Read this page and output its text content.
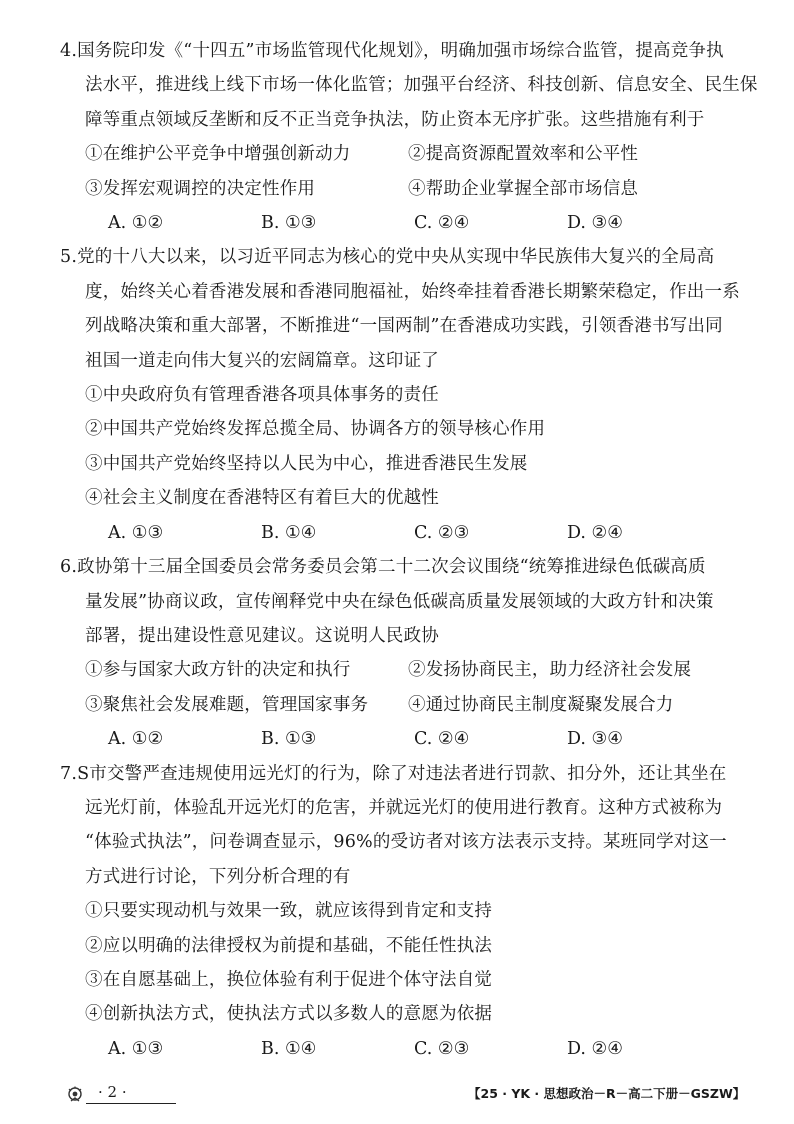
4.国务院印发《“十四五”市场监管现代化规划》，明确加强市场综合监管，提高竞争执
法水平，推进线上线下市场一体化监管；加强平台经济、科技创新、信息安全、民生保
障等重点领域反垄断和反不正当竞争执法，防止资本无序扩张。这些措施有利于
①在维护公平竞争中增强创新动力	②提高资源配置效率和公平性
③发挥宏观调控的决定性作用	④帮助企业掌握全部市场信息
A. ①②	B. ①③	C. ②④	D. ③④
5.党的十八大以来，以习近平同志为核心的党中央从实现中华民族伟大复兴的全局高
度，始终关心着香港发展和香港同胞福祉，始终牵挂着香港长期繁荣稳定，作出一系
列战略决策和重大部署，不断推进“一国两制”在香港成功实践，引领香港书写出同
祖国一道走向伟大复兴的宏阔篇章。这印证了
①中央政府负有管理香港各项具体事务的责任
②中国共产党始终发挥总揽全局、协调各方的领导核心作用
③中国共产党始终坚持以人民为中心，推进香港民生发展
④社会主义制度在香港特区有着巨大的优越性
A. ①③	B. ①④	C. ②③	D. ②④
6.政协第十三届全国委员会常务委员会第二十二次会议围绕“统筹推进绿色低碳高质
量发展”协商议政，宣传阐释党中央在绿色低碳高质量发展领域的大政方针和决策
部署，提出建设性意见建议。这说明人民政协
①参与国家大政方针的决定和执行	②发扬协商民主，助力经济社会发展
③聚焦社会发展难题，管理国家事务	④通过协商民主制度凝聚发展合力
A. ①②	B. ①③	C. ②④	D. ③④
7.S市交警严查违规使用远光灯的行为，除了对违法者进行罚款、扣分外，还让其坐在
远光灯前，体验乱开远光灯的危害，并就远光灯的使用进行教育。这种方式被称为
“体验式执法”，问卷调查显示，96%的受访者对该方法表示支持。某班同学对这一
方式进行讨论，下列分析合理的有
①只要实现动机与效果一致，就应该得到肯定和支持
②应以明确的法律授权为前提和基础，不能任性执法
③在自愿基础上，换位体验有利于促进个体守法自觉
④创新执法方式，使执法方式以多数人的意愿为依据
A. ①③	B. ①④	C. ②③	D. ②④
· 2 ·	【25 · YK · 思想政治－R－高二下册－GSZW】
